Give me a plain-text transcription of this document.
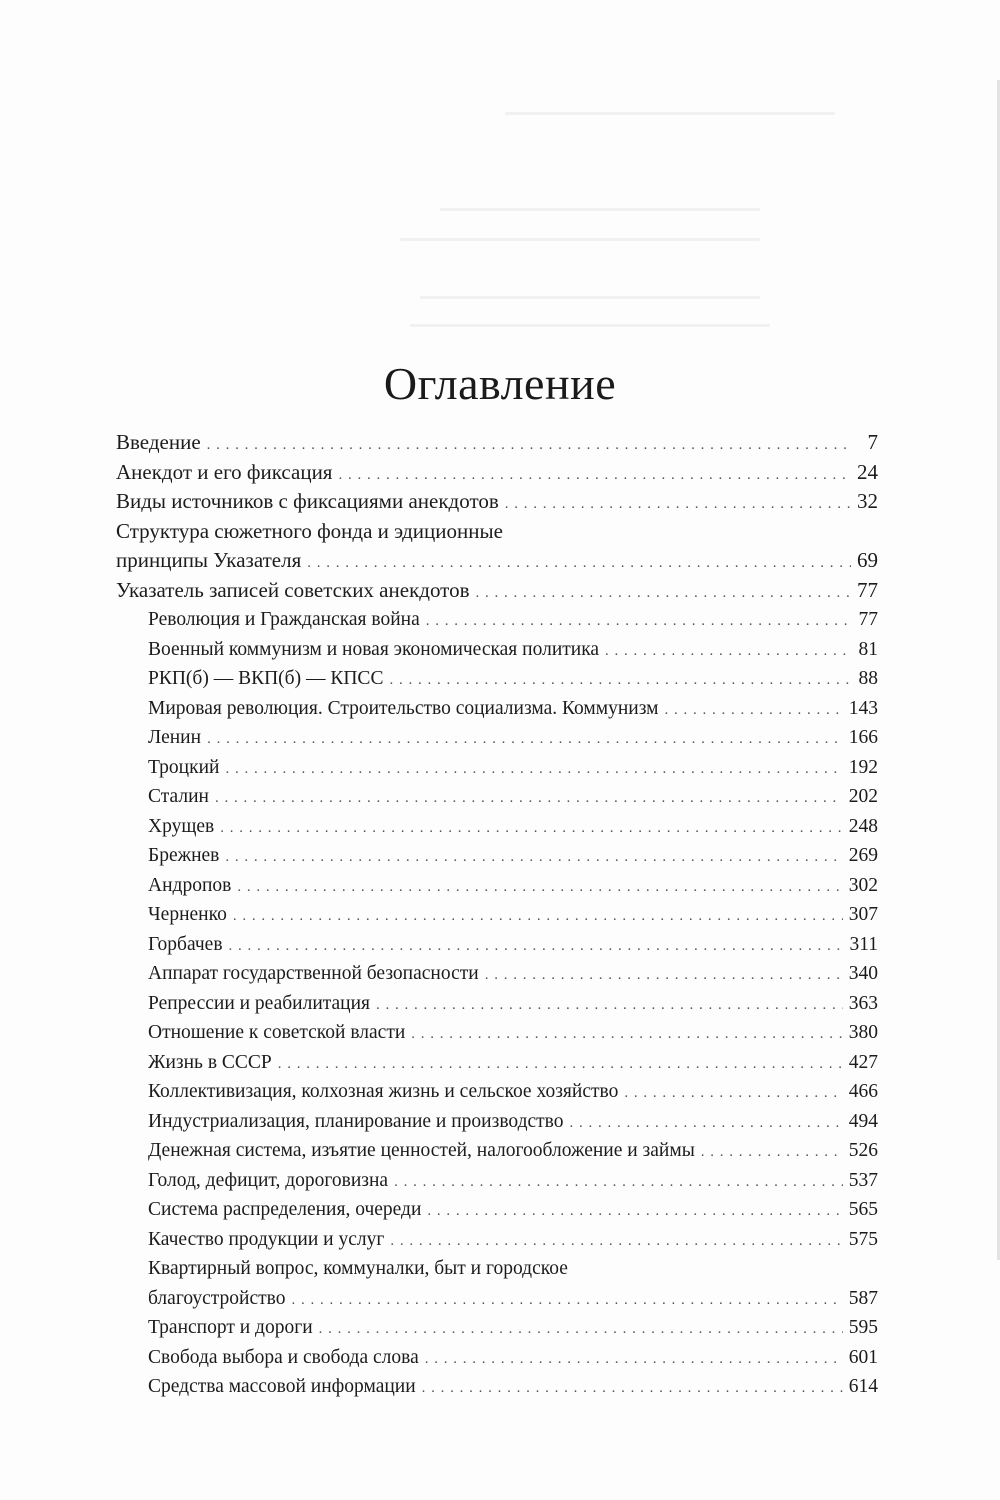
Оглавление
Введение . . .	7
Анекдот и его фиксация . . .	24
Виды источников с фиксациями анекдотов . . .	32
Структура сюжетного фонда и эдиционные
принципы Указателя . . .	69
Указатель записей советских анекдотов . . .	77
Революция и Гражданская война . . .	77
Военный коммунизм и новая экономическая политика . . .	81
РКП(б) — ВКП(б) — КПСС . . .	88
Мировая революция. Строительство социализма. Коммунизм . . .	143
Ленин . . .	166
Троцкий . . .	192
Сталин . . .	202
Хрущев . . .	248
Брежнев . . .	269
Андропов . . .	302
Черненко . . .	307
Горбачев . . .	311
Аппарат государственной безопасности . . .	340
Репрессии и реабилитация . . .	363
Отношение к советской власти . . .	380
Жизнь в СССР . . .	427
Коллективизация, колхозная жизнь и сельское хозяйство . . .	466
Индустриализация, планирование и производство . . .	494
Денежная система, изъятие ценностей, налогообложение и займы . . .	526
Голод, дефицит, дороговизна . . .	537
Система распределения, очереди . . .	565
Качество продукции и услуг . . .	575
Квартирный вопрос, коммуналки, быт и городское
благоустройство . . .	587
Транспорт и дороги . . .	595
Свобода выбора и свобода слова . . .	601
Средства массовой информации . . .	614
